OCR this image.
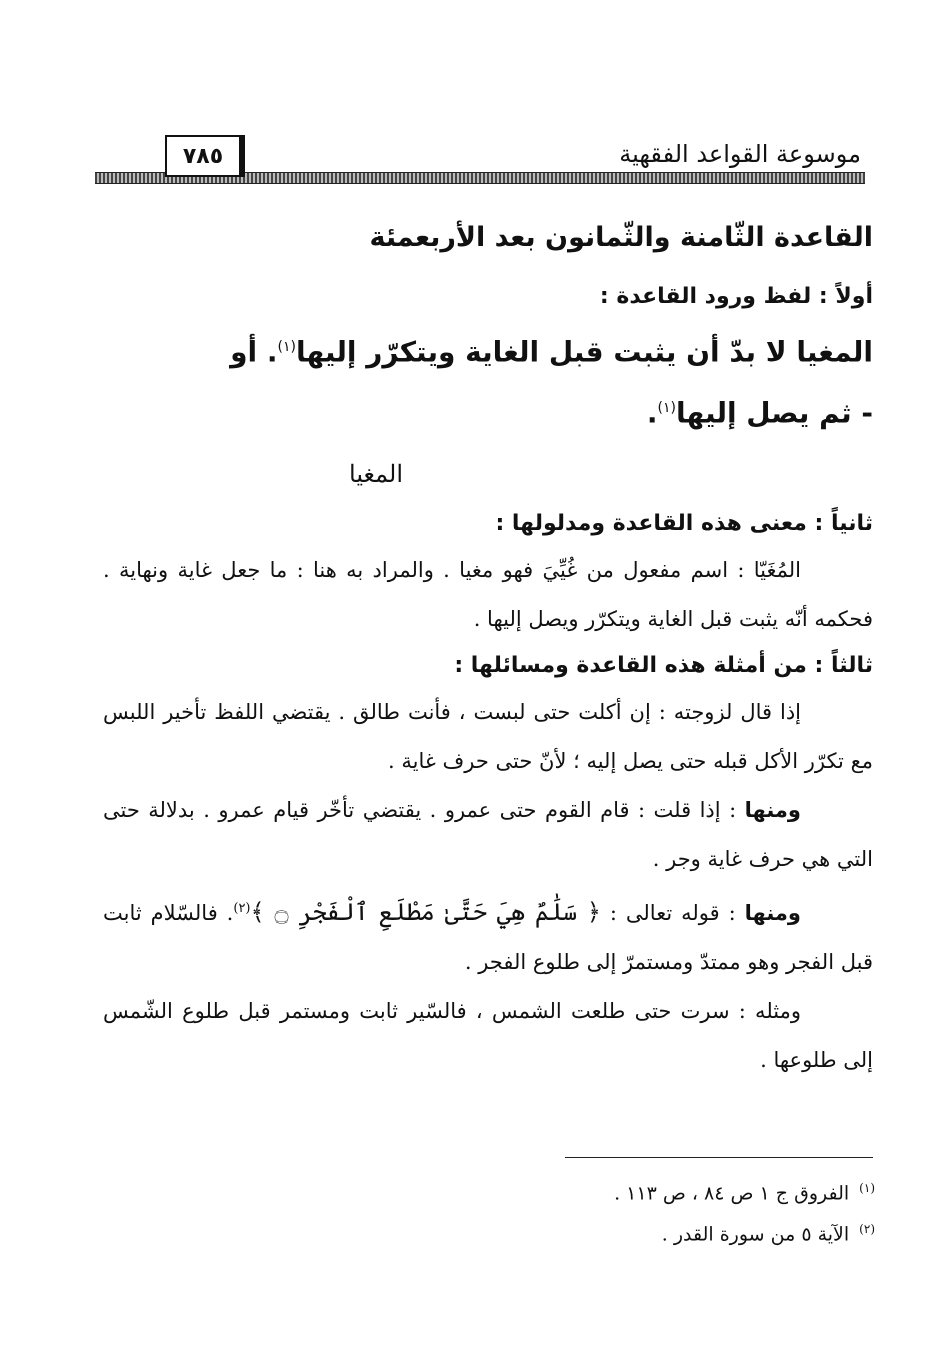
٧٨٥	موسوعة القواعد الفقهية
القاعدة الثّامنة والثّمانون بعد الأربعمئة

أولاً : لفظ ورود القاعدة :

المغيا لا بدّ أن يثبت قبل الغاية ويتكرّر إليها$^{(١)}$. أو
- ثم يصل إليها$^{(١)}$.

المغيا

ثانياً : معنى هذه القاعدة ومدلولها :

المُغَيّا : اسم مفعول من غُيِّيَ فهو مغيا . والمراد به هنا : ما جعل غاية ونهاية . فحكمه أنّه يثبت قبل الغاية ويتكرّر ويصل إليها .

ثالثاً : من أمثلة هذه القاعدة ومسائلها :

إذا قال لزوجته : إن أكلت حتى لبست ، فأنت طالق . يقتضي اللفظ تأخير اللبس مع تكرّر الأكل قبله حتى يصل إليه ؛ لأنّ حتى حرف غاية .

ومنها : إذا قلت : قام القوم حتى عمرو . يقتضي تأخّر قيام عمرو . بدلالة حتى التي هي حرف غاية وجر .

ومنها : قوله تعالى : ﴿ سَلَٰمٌ هِيَ حَتَّىٰ مَطْلَعِ ٱلْفَجْرِ ۝ ﴾$^{(٢)}$. فالسّلام ثابت قبل الفجر وهو ممتدّ ومستمرّ إلى طلوع الفجر .

ومثله : سرت حتى طلعت الشمس ، فالسّير ثابت ومستمر قبل طلوع الشّمس إلى طلوعها .

$^{(١)}$الفروق ج ١ ص ٨٤ ، ص ١١٣ .
$^{(٢)}$الآية ٥ من سورة القدر .
